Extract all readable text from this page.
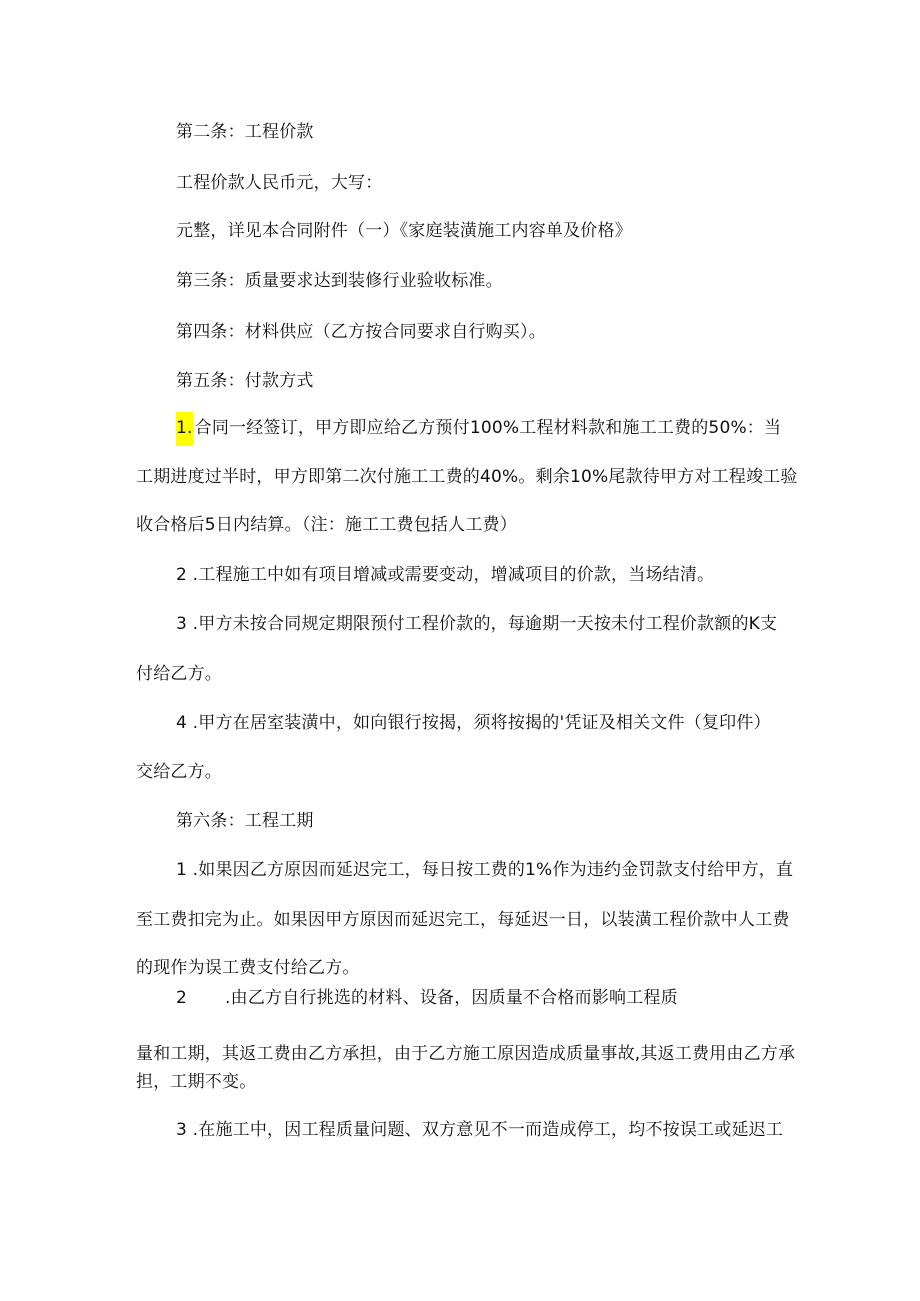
第二条：工程价款
工程价款人民币元，大写：
元整，详见本合同附件（一）《家庭装潢施工内容单及价格》
第三条：质量要求达到装修行业验收标准。
第四条：材料供应（乙方按合同要求自行购买）。
第五条：付款方式
1. 合同一经签订，甲方即应给乙方预付100%工程材料款和施工工费的50%：当
工期进度过半时，甲方即第二次付施工工费的40%。剩余10%尾款待甲方对工程竣工验
收合格后5日内结算。（注：施工工费包括人工费）
2 .工程施工中如有项目增减或需要变动，增减项目的价款，当场结清。
3 .甲方未按合同规定期限预付工程价款的，每逾期一天按未付工程价款额的K支
付给乙方。
4 .甲方在居室装潢中，如向银行按揭，须将按揭的'凭证及相关文件（复印件）
交给乙方。
第六条：工程工期
1 .如果因乙方原因而延迟完工，每日按工费的1%作为违约金罚款支付给甲方，直
至工费扣完为止。如果因甲方原因而延迟完工，每延迟一日，以装潢工程价款中人工费
的现作为误工费支付给乙方。
2 .由乙方自行挑选的材料、设备，因质量不合格而影响工程质
量和工期，其返工费由乙方承担，由于乙方施工原因造成质量事故,其返工费用由乙方承
担，工期不变。
3 .在施工中，因工程质量问题、双方意见不一而造成停工，均不按误工或延迟工
